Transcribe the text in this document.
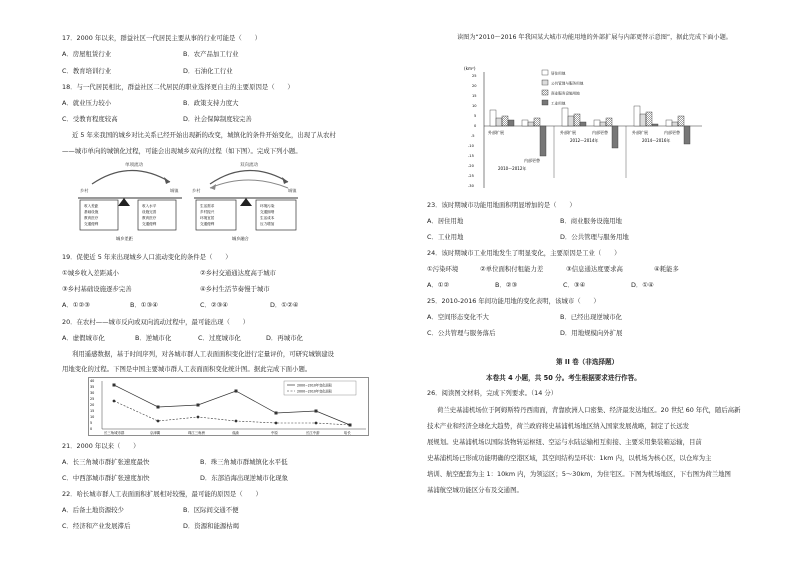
17．2000 年以来，群益社区一代居民主要从事的行业可能是（　　）
A．房屋租赁行业	B．农产品加工行业
C．教育培训行业	D．石油化工行业
18．与一代居民相比，群益社区二代居民的职业选择更自主的主要原因是（　　）
A．就业压力较小	B．政策支持力度大
C．受教育程度较高	D．社会保障制度较完善
近 5 年来我国的城乡对比关系已经开始出现新的改变，城镇化的条件开始变化，出现了从农村
——城市单向的城镇化过程，可能会出现城乡双向的过程（如下图）。完成下列小题。
单项流动
乡村	城镇
收入差距
基础设施
教育医疗
交通便利
收入水平
设施完善
教育医疗
交通便利
城乡差距
双向流动
乡村	城镇
生活需求
乡村振兴
环境宜居
交通便利
环境污染
交通拥堵
生活成本
压力增加
城乡融合
19．促使近 5 年来出现城乡人口流动变化的条件是（　　）
①城乡收入差距减小	②乡村交通通达度高于城市
③乡村基础设施逐步完善	④乡村生活节奏慢于城市
A．①②③	B．①③④	C．②③④	D．①②④
20．在农村——城市反向或双向流动过程中，最可能出现（　　）
A．虚假城市化	B．逆城市化	C．过度城市化	D．再城市化
利用遥感数据，基于时间序列，对各城市群人工表面面积变化进行定量评价，可研究城镇建设
用地变化的过程。下图是中国主要城市群人工表面面积变化统计图。据此完成下面小题。
40
35
30
25
20
15
10
5
0
2000~2010年变化面积
2000~2010年变化面积
长三角城市群	京津冀	珠江三角洲	成渝	中原	长江中游	哈长
21．2000 年以来（　　）
A．长三角城市群扩张速度最快	B．珠三角城市群城镇化水平低
C．中西部城市群扩张速度加快	D．东部沿海出现逆城市化现象
22．哈长城市群人工表面面积扩展相对较慢，最可能的原因是（　　）
A．后备土地资源较少	B．区际间交通不便
C．经济和产业发展滞后	D．资源和能源枯竭
读图为“2010～2016 年我国某大城市功能用地的外部扩展与内部更替示意图”，据此完成下面小题。
(km²)
25
20
15
10
5
0
-5
-10
-15
-20
-25
-30
居住用地
公共管理与服务用地
商业服务设施用地
工业用地
外部扩展
内部更替
外部扩展	内部更替	外部扩展	内部更替
2010～2012年
2012～2014年	2014～2016年
23．该时期城市功能用地面积明显增加的是（　　）
A．居住用地	B．商业服务设施用地
C．工业用地	D．公共管理与服务用地
24．该时期城市工业用地发生了明显变化，主要原因是工业（　　）
①污染环境	②单位面积付租能力差	③信息通达度要求高	④耗能多
A．①②	B．②③	C．③④	D．①④
25．2010-2016 年间功能用地的变化表明，该城市（　　）
A．空间形态变化不大	B．已经出现逆城市化
C．公共管理与服务落后	D．用地规模向外扩展
第 II 卷（非选择题）
本卷共 4 小题，共 50 分。考生根据要求进行作答。
26．阅读图文材料，完成下列要求。（14 分）
荷兰史基浦机场位于阿姆斯特丹西南面，背靠欧洲人口密集、经济最发达地区。20 世纪 60 年代，随后高新
技术产业和经济全球化大趋势，荷兰政府将史基浦机场地区纳入国家发展战略，制定了长远发
展规划。史基浦机场以国际货物转运枢纽、空运与水陆运输相互衔接、主要采用集装箱运输，目前
史基浦机场已形成功能明确的空港区域，其空间结构呈环状：1km 内，以机场为核心区，以仓库为主
培训、航空配套为主 1：10km 内，为领运区；5～30km，为住宅区。下图为机场地区，下右图为荷兰地图
基浦航空城功能区分布及交通图。
